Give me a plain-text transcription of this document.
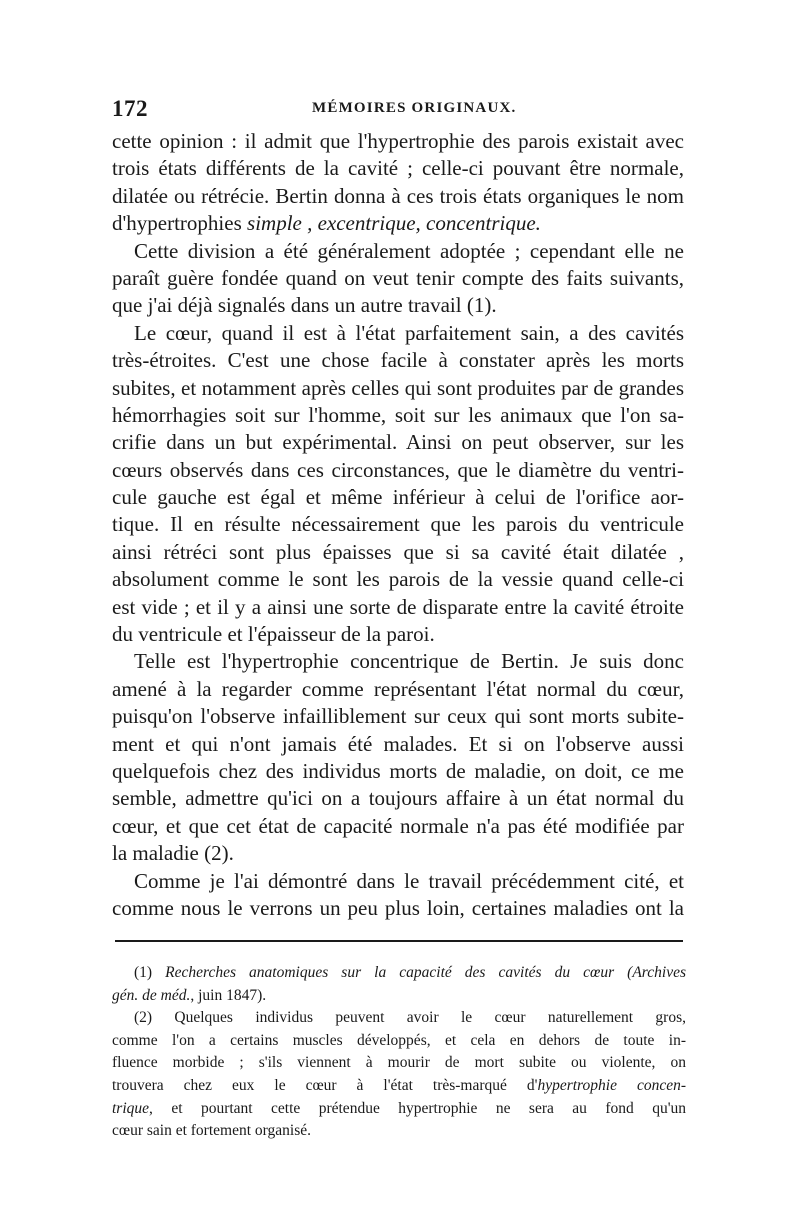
172	MÉMOIRES ORIGINAUX.
cette opinion : il admit que l'hypertrophie des parois existait avec
trois états différents de la cavité ; celle-ci pouvant être normale,
dilatée ou rétrécie. Bertin donna à ces trois états organiques le nom
d'hypertrophies simple , excentrique, concentrique.
Cette division a été généralement adoptée ; cependant elle ne
paraît guère fondée quand on veut tenir compte des faits suivants,
que j'ai déjà signalés dans un autre travail (1).
Le cœur, quand il est à l'état parfaitement sain, a des cavités
très-étroites. C'est une chose facile à constater après les morts
subites, et notamment après celles qui sont produites par de grandes
hémorrhagies soit sur l'homme, soit sur les animaux que l'on sa-
crifie dans un but expérimental. Ainsi on peut observer, sur les
cœurs observés dans ces circonstances, que le diamètre du ventri-
cule gauche est égal et même inférieur à celui de l'orifice aor-
tique. Il en résulte nécessairement que les parois du ventricule
ainsi rétréci sont plus épaisses que si sa cavité était dilatée ,
absolument comme le sont les parois de la vessie quand celle-ci
est vide ; et il y a ainsi une sorte de disparate entre la cavité étroite
du ventricule et l'épaisseur de la paroi.
Telle est l'hypertrophie concentrique de Bertin. Je suis donc
amené à la regarder comme représentant l'état normal du cœur,
puisqu'on l'observe infailliblement sur ceux qui sont morts subite-
ment et qui n'ont jamais été malades. Et si on l'observe aussi
quelquefois chez des individus morts de maladie, on doit, ce me
semble, admettre qu'ici on a toujours affaire à un état normal du
cœur, et que cet état de capacité normale n'a pas été modifiée par
la maladie (2).
Comme je l'ai démontré dans le travail précédemment cité, et
comme nous le verrons un peu plus loin, certaines maladies ont la
(1) Recherches anatomiques sur la capacité des cavités du cœur (Archives
gén. de méd., juin 1847).
(2) Quelques individus peuvent avoir le cœur naturellement gros,
comme l'on a certains muscles développés, et cela en dehors de toute in-
fluence morbide ; s'ils viennent à mourir de mort subite ou violente, on
trouvera chez eux le cœur à l'état très-marqué d'hypertrophie concen-
trique, et pourtant cette prétendue hypertrophie ne sera au fond qu'un
cœur sain et fortement organisé.
